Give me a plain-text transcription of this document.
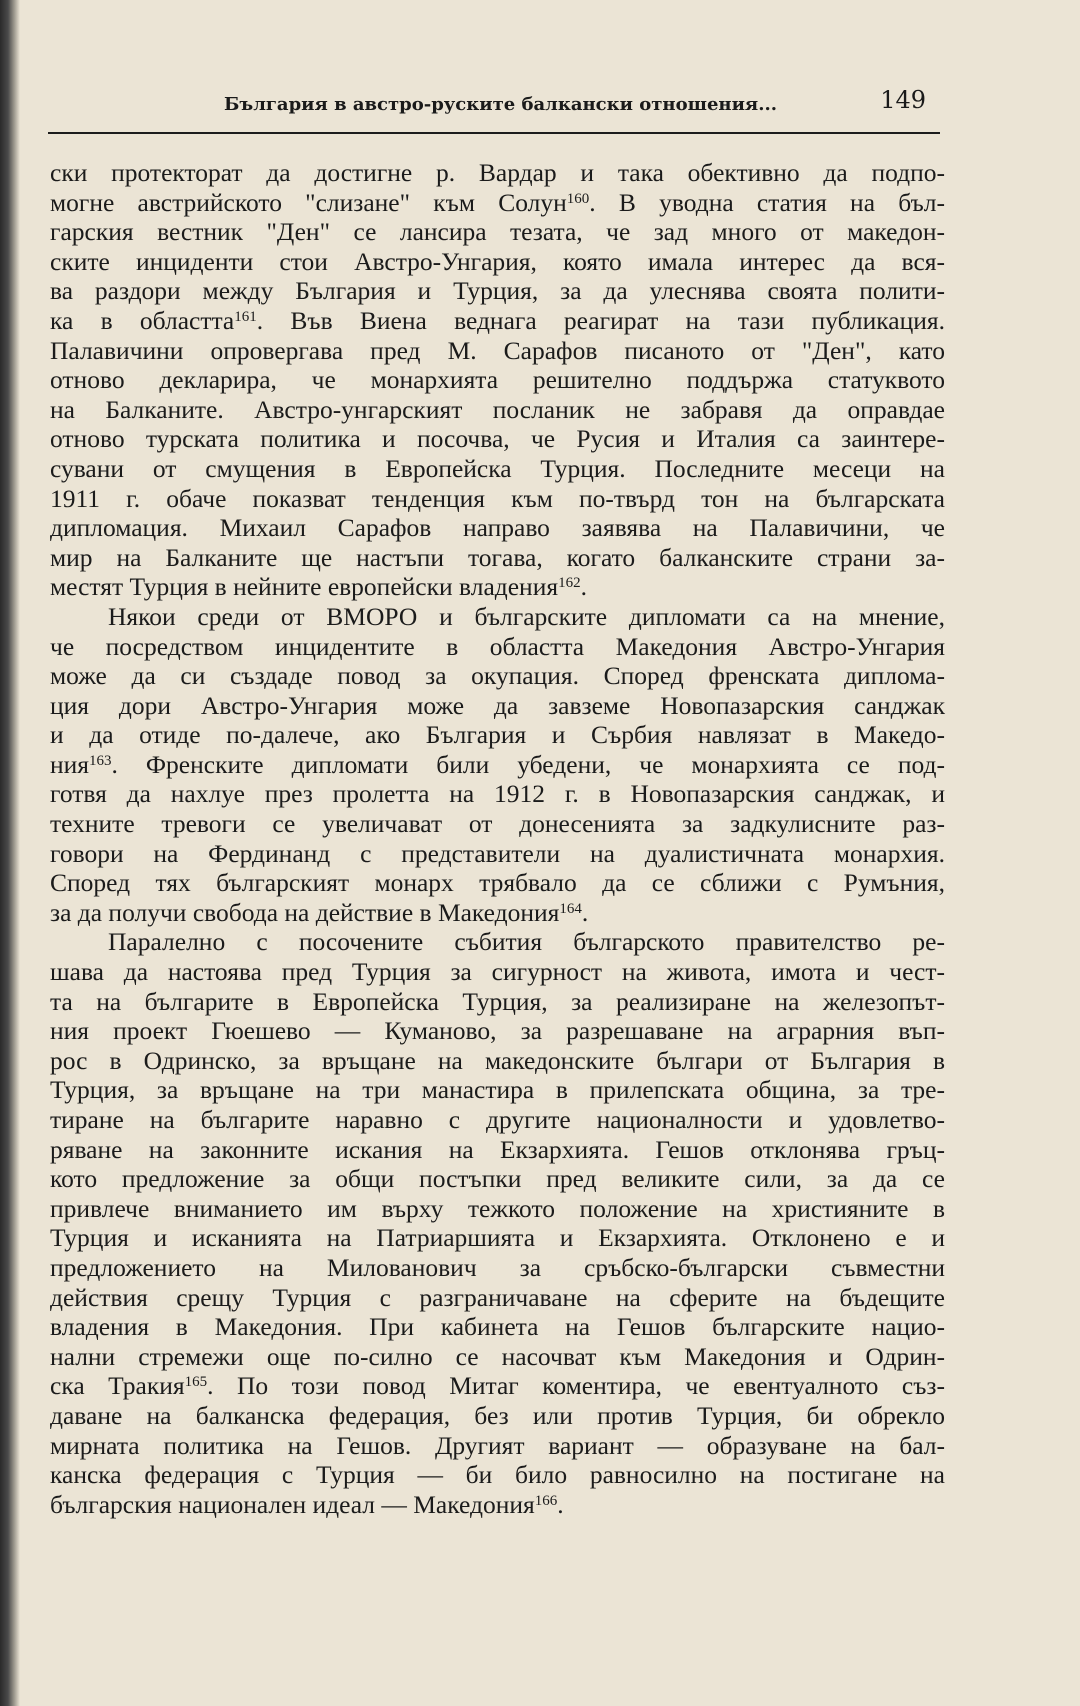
България в австро-руските балкански отношения...	149
ски протекторат да достигне р. Вардар и така обективно да подпо-
могне австрийското "слизане" към Солун$^{160}$. В уводна статия на бъл-
гарския вестник "Ден" се лансира тезата, че зад много от македон-
ските инциденти стои Австро-Унгария, която имала интерес да вся-
ва раздори между България и Турция, за да улеснява своята полити-
ка в областта$^{161}$. Във Виена веднага реагират на тази публикация.
Палавичини опровергава пред М. Сарафов писаното от "Ден", като
отново декларира, че монархията решително поддържа статуквото
на Балканите. Австро-унгарският посланик не забравя да оправдае
отново турската политика и посочва, че Русия и Италия са заинтере-
сувани от смущения в Европейска Турция. Последните месеци на
1911 г. обаче показват тенденция към по-твърд тон на българската
дипломация. Михаил Сарафов направо заявява на Палавичини, че
мир на Балканите ще настъпи тогава, когато балканските страни за-
местят Турция в нейните европейски владения$^{162}$.
Някои среди от ВМОРО и българските дипломати са на мнение,
че посредством инцидентите в областта Македония Австро-Унгария
може да си създаде повод за окупация. Според френската диплома-
ция дори Австро-Унгария може да завземе Новопазарския санджак
и да отиде по-далече, ако България и Сърбия навлязат в Македо-
ния$^{163}$. Френските дипломати били убедени, че монархията се под-
готвя да нахлуе през пролетта на 1912 г. в Новопазарския санджак, и
техните тревоги се увеличават от донесенията за задкулисните раз-
говори на Фердинанд с представители на дуалистичната монархия.
Според тях българският монарх трябвало да се сближи с Румъния,
за да получи свобода на действие в Македония$^{164}$.
Паралелно с посочените събития българското правителство ре-
шава да настоява пред Турция за сигурност на живота, имота и чест-
та на българите в Европейска Турция, за реализиране на железопът-
ния проект Гюешево — Куманово, за разрешаване на аграрния въп-
рос в Одринско, за връщане на македонските българи от България в
Турция, за връщане на три манастира в прилепската община, за тре-
тиране на българите наравно с другите националности и удовлетво-
ряване на законните искания на Екзархията. Гешов отклонява гръц-
кото предложение за общи постъпки пред великите сили, за да се
привлече вниманието им върху тежкото положение на християните в
Турция и исканията на Патриаршията и Екзархията. Отклонено е и
предложението на Милованович за сръбско-български съвместни
действия срещу Турция с разграничаване на сферите на бъдещите
владения в Македония. При кабинета на Гешов българските нацио-
нални стремежи още по-силно се насочват към Македония и Одрин-
ска Тракия$^{165}$. По този повод Митаг коментира, че евентуалното съз-
даване на балканска федерация, без или против Турция, би обрекло
мирната политика на Гешов. Другият вариант — образуване на бал-
канска федерация с Турция — би било равносилно на постигане на
българския национален идеал — Македония$^{166}$.
